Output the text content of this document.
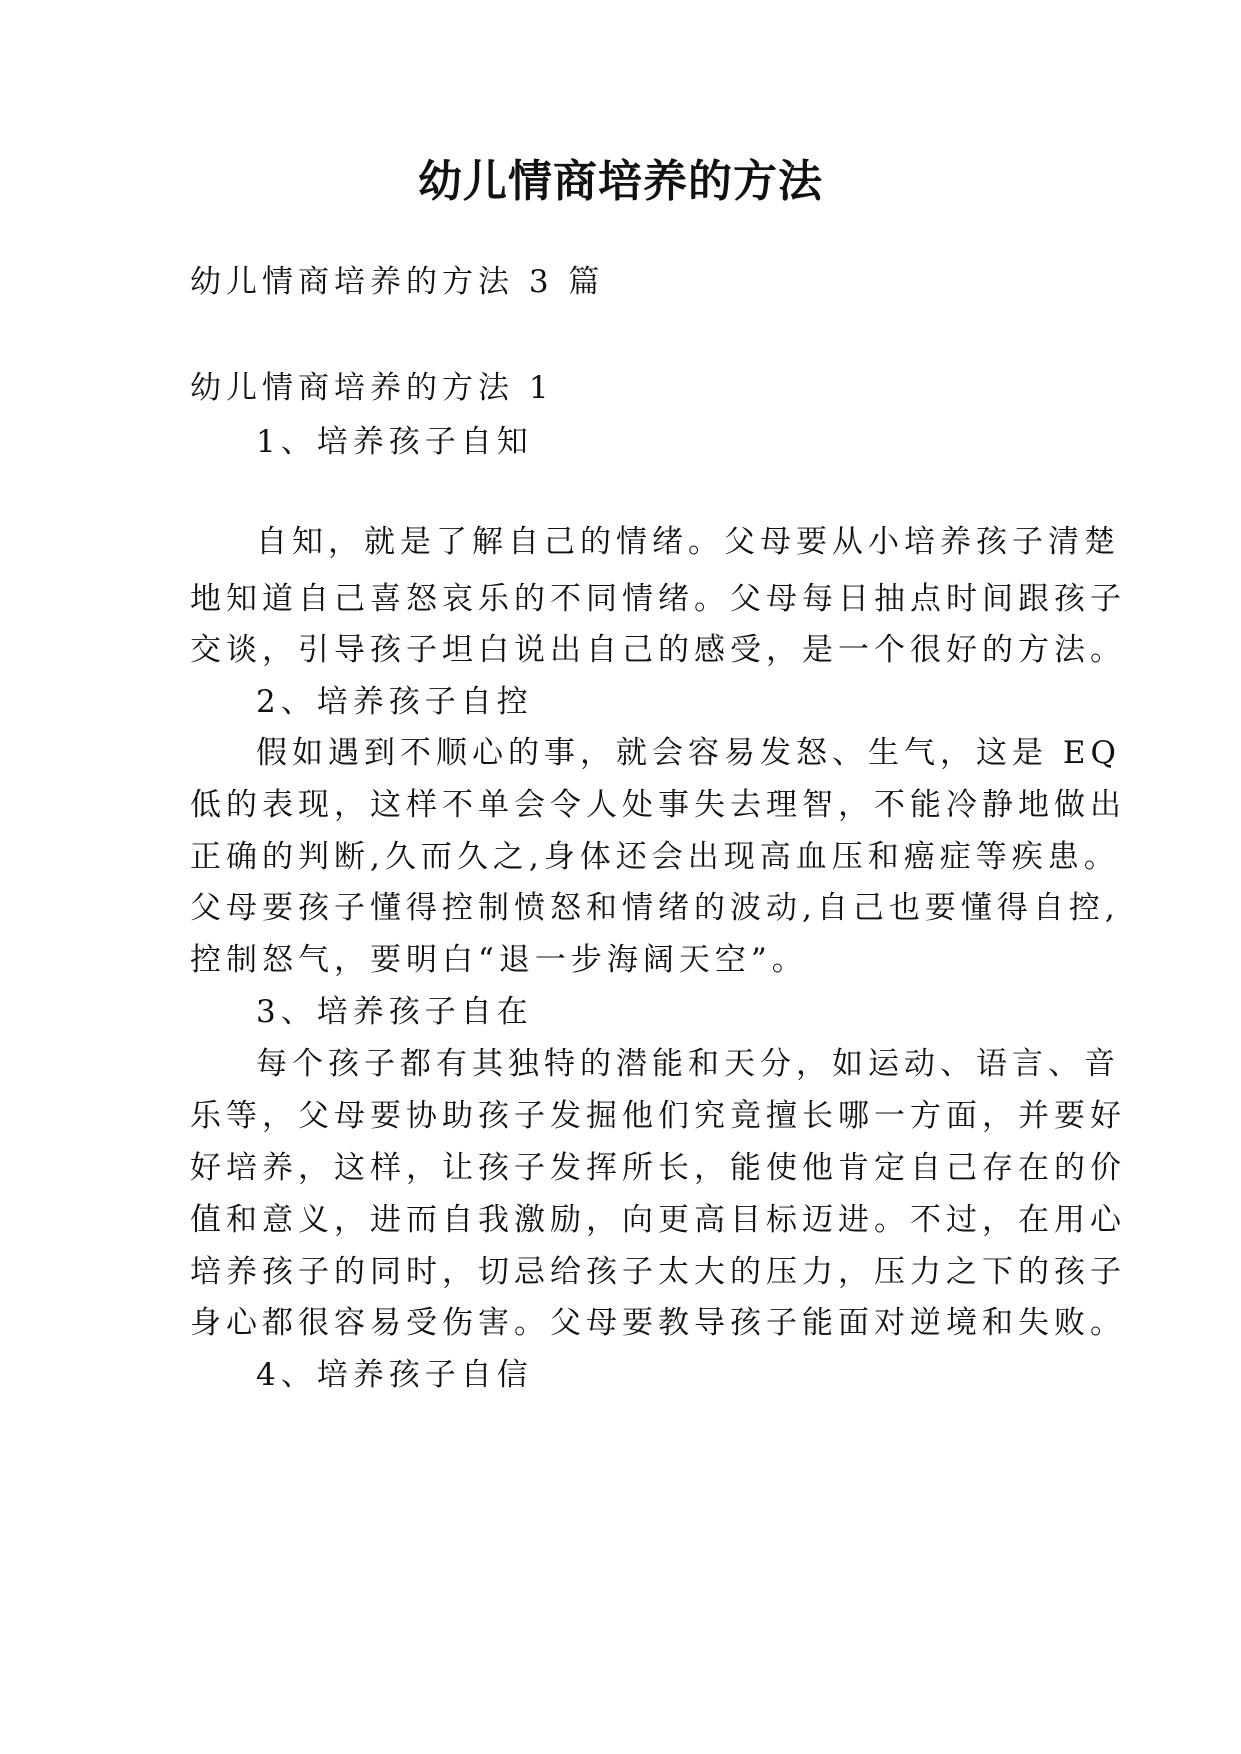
幼儿情商培养的方法

幼儿情商培养的方法 3 篇

幼儿情商培养的方法 1

1、培养孩子自知

自知，就是了解自己的情绪。父母要从小培养孩子清楚

地知道自己喜怒哀乐的不同情绪。父母每日抽点时间跟孩子

交谈，引导孩子坦白说出自己的感受，是一个很好的方法。

2、培养孩子自控

假如遇到不顺心的事，就会容易发怒、生气，这是 EQ

低的表现，这样不单会令人处事失去理智，不能冷静地做出

正确的判断,久而久之,身体还会出现高血压和癌症等疾患。

父母要孩子懂得控制愤怒和情绪的波动,自己也要懂得自控,

控制怒气，要明白“退一步海阔天空”。

3、培养孩子自在

每个孩子都有其独特的潜能和天分，如运动、语言、音

乐等，父母要协助孩子发掘他们究竟擅长哪一方面，并要好

好培养，这样，让孩子发挥所长，能使他肯定自己存在的价

值和意义，进而自我激励，向更高目标迈进。不过，在用心

培养孩子的同时，切忌给孩子太大的压力，压力之下的孩子

身心都很容易受伤害。父母要教导孩子能面对逆境和失败。

4、培养孩子自信
